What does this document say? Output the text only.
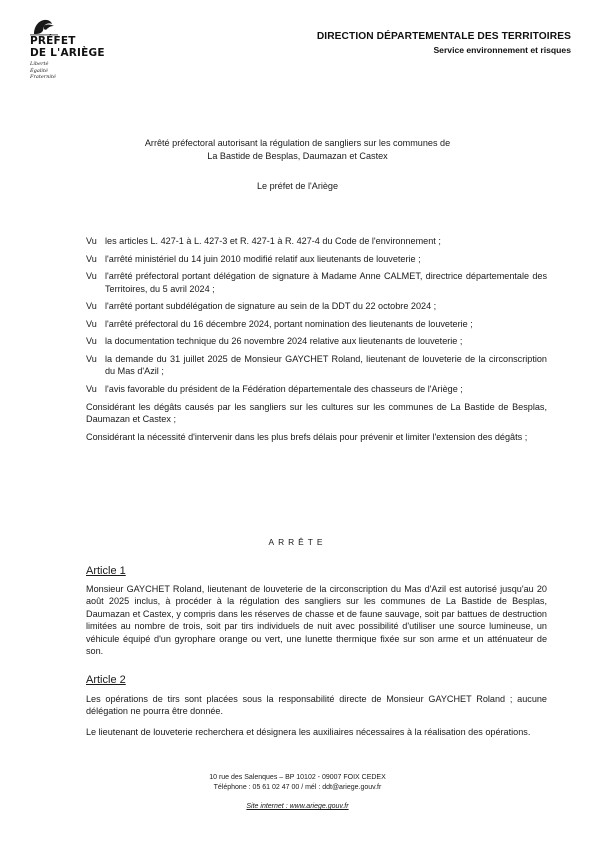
PRÉFET
DE L'ARIÈGE
Liberté
Égalité
Fraternité
DIRECTION DÉPARTEMENTALE DES TERRITOIRES
Service environnement et risques
Arrêté préfectoral autorisant la régulation de sangliers sur les communes de
La Bastide de Besplas, Daumazan et Castex
Le préfet de l'Ariège
Vu les articles L. 427-1 à L. 427-3 et R. 427-1 à R. 427-4 du Code de l'environnement ;
Vu l'arrêté ministériel du 14 juin 2010 modifié relatif aux lieutenants de louveterie ;
Vu l'arrêté préfectoral portant délégation de signature à Madame Anne CALMET, directrice départementale des Territoires, du 5 avril 2024 ;
Vu l'arrêté portant subdélégation de signature au sein de la DDT du 22 octobre 2024 ;
Vu l'arrêté préfectoral du 16 décembre 2024, portant nomination des lieutenants de louveterie ;
Vu la documentation technique du 26 novembre 2024 relative aux lieutenants de louveterie ;
Vu la demande du 31 juillet 2025 de Monsieur GAYCHET Roland, lieutenant de louveterie de la circonscription du Mas d'Azil ;
Vu l'avis favorable du président de la Fédération départementale des chasseurs de l'Ariège ;
Considérant les dégâts causés par les sangliers sur les cultures sur les communes de La Bastide de Besplas, Daumazan et Castex ;
Considérant la nécessité d'intervenir dans les plus brefs délais pour prévenir et limiter l'extension des dégâts ;
ARRÊTE
Article 1
Monsieur GAYCHET Roland, lieutenant de louveterie de la circonscription du Mas d'Azil est autorisé jusqu'au 20 août 2025 inclus, à procéder à la régulation des sangliers sur les communes de La Bastide de Besplas, Daumazan et Castex, y compris dans les réserves de chasse et de faune sauvage, soit par battues de destruction limitées au nombre de trois, soit par tirs individuels de nuit avec possibilité d'utiliser une source lumineuse, un véhicule équipé d'un gyrophare orange ou vert, une lunette thermique fixée sur son arme et un atténuateur de son.
Article 2
Les opérations de tirs sont placées sous la responsabilité directe de Monsieur GAYCHET Roland ; aucune délégation ne pourra être donnée.
Le lieutenant de louveterie recherchera et désignera les auxiliaires nécessaires à la réalisation des opérations.
10 rue des Salenques – BP 10102 - 09007 FOIX CEDEX
Téléphone : 05 61 02 47 00 / mél : ddt@ariege.gouv.fr
Site internet : www.ariege.gouv.fr
